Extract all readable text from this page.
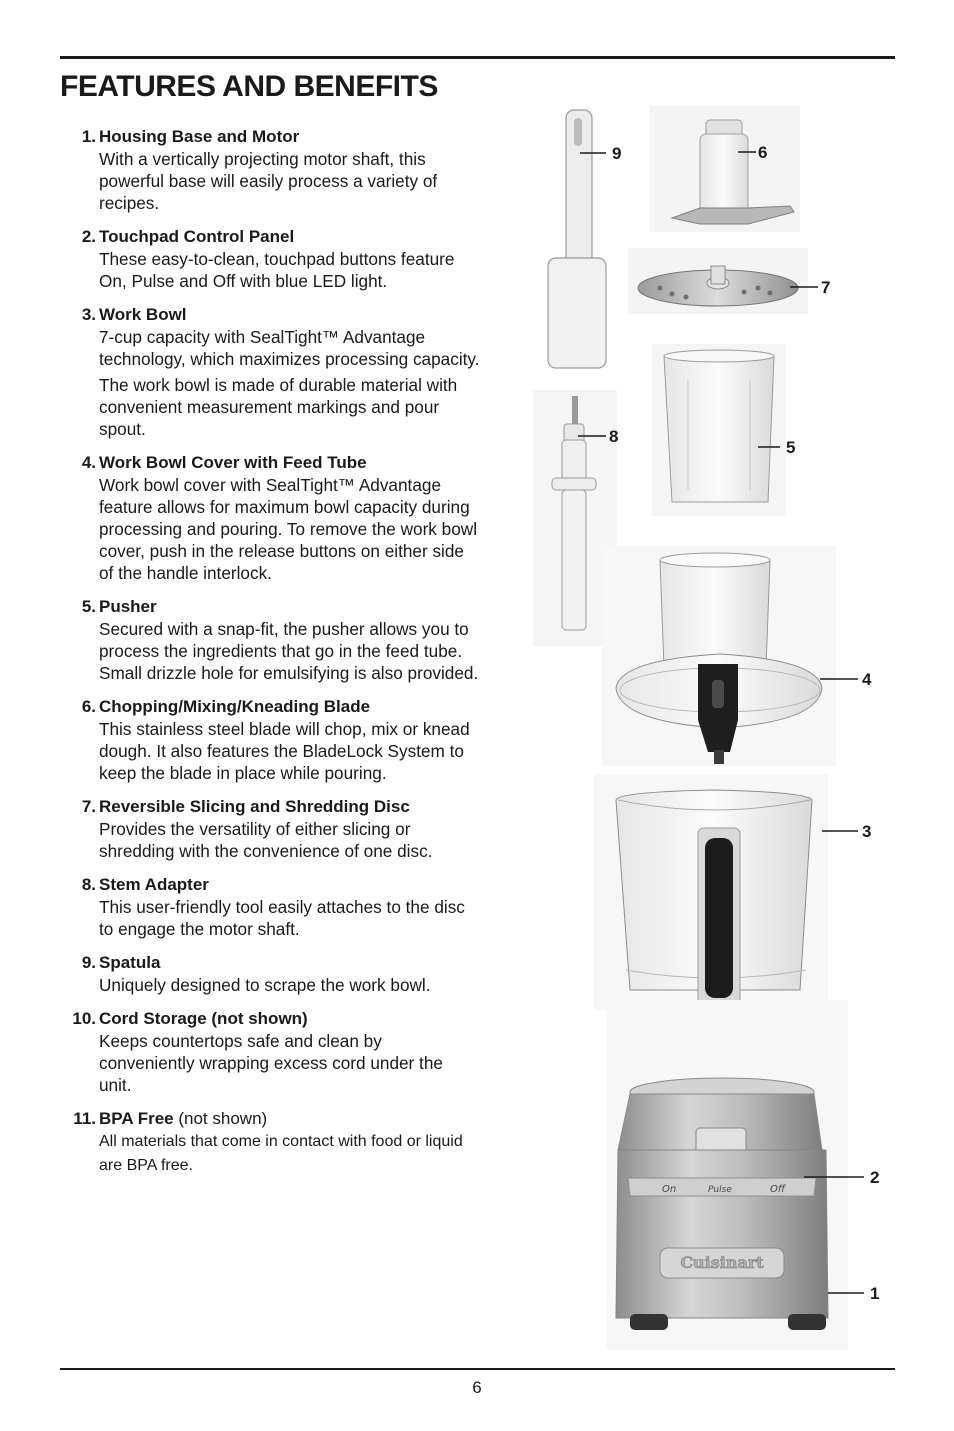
FEATURES AND BENEFITS
1. Housing Base and Motor
With a vertically projecting motor shaft, this powerful base will easily process a variety of recipes.
2. Touchpad Control Panel
These easy-to-clean, touchpad buttons feature On, Pulse and Off with blue LED light.
3. Work Bowl
7-cup capacity with SealTight™ Advantage technology, which maximizes processing capacity.
The work bowl is made of durable material with convenient measurement markings and pour spout.
4. Work Bowl Cover with Feed Tube
Work bowl cover with SealTight™ Advantage feature allows for maximum bowl capacity during processing and pouring. To remove the work bowl cover, push in the release buttons on either side of the handle interlock.
5. Pusher
Secured with a snap-fit, the pusher allows you to process the ingredients that go in the feed tube. Small drizzle hole for emulsifying is also provided.
6. Chopping/Mixing/Kneading Blade
This stainless steel blade will chop, mix or knead dough. It also features the BladeLock System to keep the blade in place while pouring.
7. Reversible Slicing and Shredding Disc
Provides the versatility of either slicing or shredding with the convenience of one disc.
8. Stem Adapter
This user-friendly tool easily attaches to the disc to engage the motor shaft.
9. Spatula
Uniquely designed to scrape the work bowl.
10. Cord Storage (not shown)
Keeps countertops safe and clean by conveniently wrapping excess cord under the unit.
11. BPA Free (not shown)
All materials that come in contact with food or liquid are BPA free.
On	Pulse	Off
Cuisinart
9	6
7
8
5
4
3
2
1
6
